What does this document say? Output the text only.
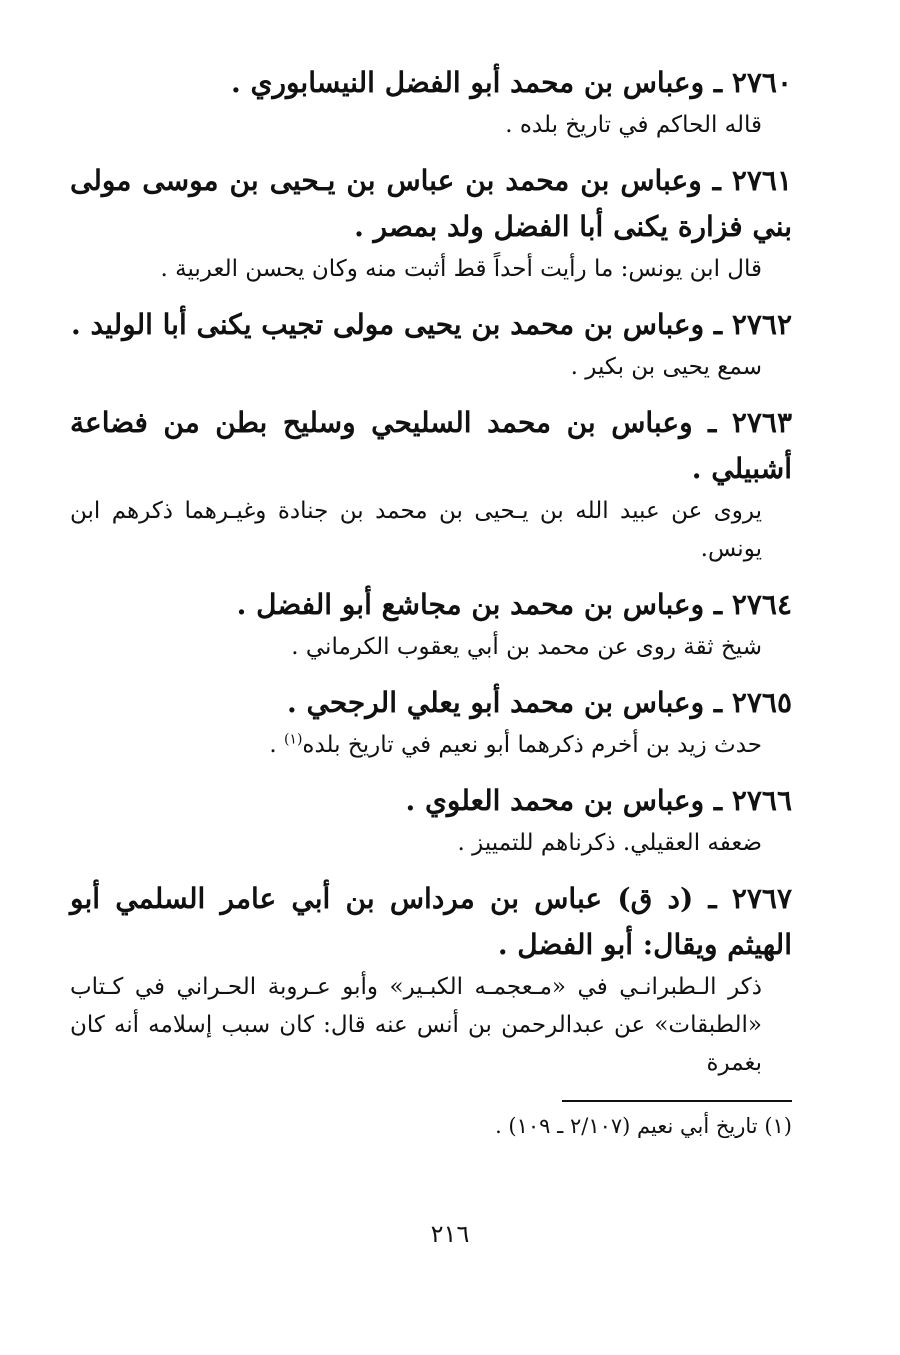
٢٧٦٠ ـ وعباس بن محمد أبو الفضل النيسابوري .

قاله الحاكم في تاريخ بلده .

٢٧٦١ ـ وعباس بن محمد بن عباس بن يـحيى بن موسى مولى بني فزارة يكنى أبا الفضل ولد بمصر .

قال ابن يونس: ما رأيت أحداً قط أثبت منه وكان يحسن العربية .

٢٧٦٢ ـ وعباس بن محمد بن يحيى مولى تجيب يكنى أبا الوليد .

سمع يحيى بن بكير .

٢٧٦٣ ـ وعباس بن محمد السليحي وسليح بطن من فضاعة أشبيلي .

يروى عن عبيد الله بن يـحيى بن محمد بن جنادة وغيـرهما ذكرهم ابن يونس.

٢٧٦٤ ـ وعباس بن محمد بن مجاشع أبو الفضل .

شيخ ثقة روى عن محمد بن أبي يعقوب الكرماني .

٢٧٦٥ ـ وعباس بن محمد أبو يعلي الرجحي .

حدث زيد بن أخرم ذكرهما أبو نعيم في تاريخ بلده$^{(١)}$ .

٢٧٦٦ ـ وعباس بن محمد العلوي .

ضعفه العقيلي. ذكرناهم للتمييز .

٢٧٦٧ ـ (د ق) عباس بن مرداس بن أبي عامر السلمي أبو الهيثم ويقال: أبو الفضل .

ذكر الـطبرانـي في «مـعجمـه الكبـير» وأبو عـروبة الحـراني في كـتاب «الطبقات» عن عبدالرحمن بن أنس عنه قال: كان سبب إسلامه أنه كان بغمرة

(١) تاريخ أبي نعيم (٢/١٠٧ ـ ١٠٩) .

٢١٦
